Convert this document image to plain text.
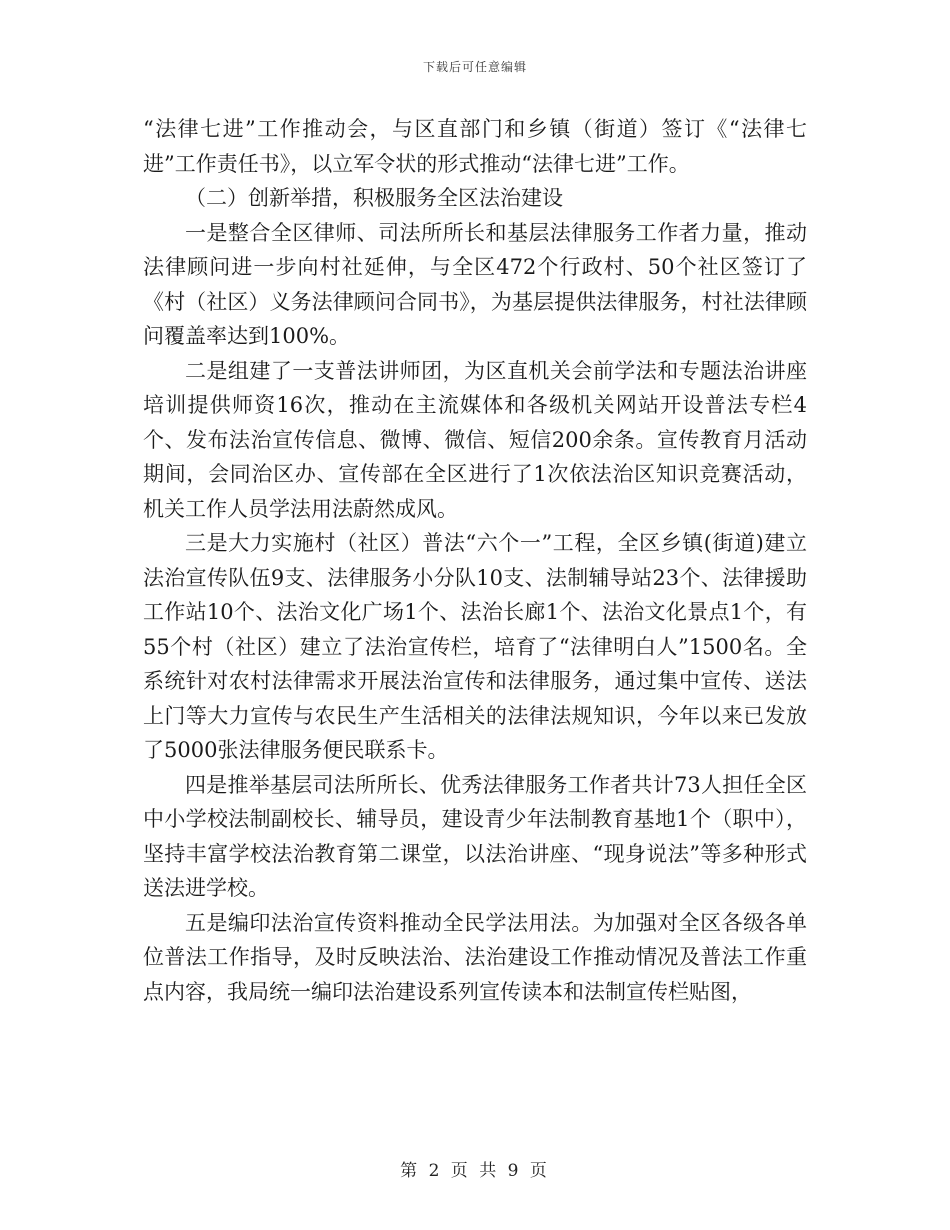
下载后可任意编辑

“法律七进”工作推动会，与区直部门和乡镇（街道）签订《“法律七进”工作责任书》，以立军令状的形式推动“法律七进”工作。

（二）创新举措，积极服务全区法治建设

一是整合全区律师、司法所所长和基层法律服务工作者力量，推动法律顾问进一步向村社延伸，与全区472个行政村、50个社区签订了《村（社区）义务法律顾问合同书》，为基层提供法律服务，村社法律顾问覆盖率达到100%。

二是组建了一支普法讲师团，为区直机关会前学法和专题法治讲座培训提供师资16次，推动在主流媒体和各级机关网站开设普法专栏4个、发布法治宣传信息、微博、微信、短信200余条。宣传教育月活动期间，会同治区办、宣传部在全区进行了1次依法治区知识竞赛活动，机关工作人员学法用法蔚然成风。

三是大力实施村（社区）普法“六个一”工程，全区乡镇(街道)建立法治宣传队伍9支、法律服务小分队10支、法制辅导站23个、法律援助工作站10个、法治文化广场1个、法治长廊1个、法治文化景点1个，有55个村（社区）建立了法治宣传栏，培育了“法律明白人”1500名。全系统针对农村法律需求开展法治宣传和法律服务，通过集中宣传、送法上门等大力宣传与农民生产生活相关的法律法规知识，今年以来已发放了5000张法律服务便民联系卡。

四是推举基层司法所所长、优秀法律服务工作者共计73人担任全区中小学校法制副校长、辅导员，建设青少年法制教育基地1个（职中），坚持丰富学校法治教育第二课堂，以法治讲座、“现身说法”等多种形式送法进学校。

五是编印法治宣传资料推动全民学法用法。为加强对全区各级各单位普法工作指导，及时反映法治、法治建设工作推动情况及普法工作重点内容，我局统一编印法治建设系列宣传读本和法制宣传栏贴图，

第 2 页 共 9 页
